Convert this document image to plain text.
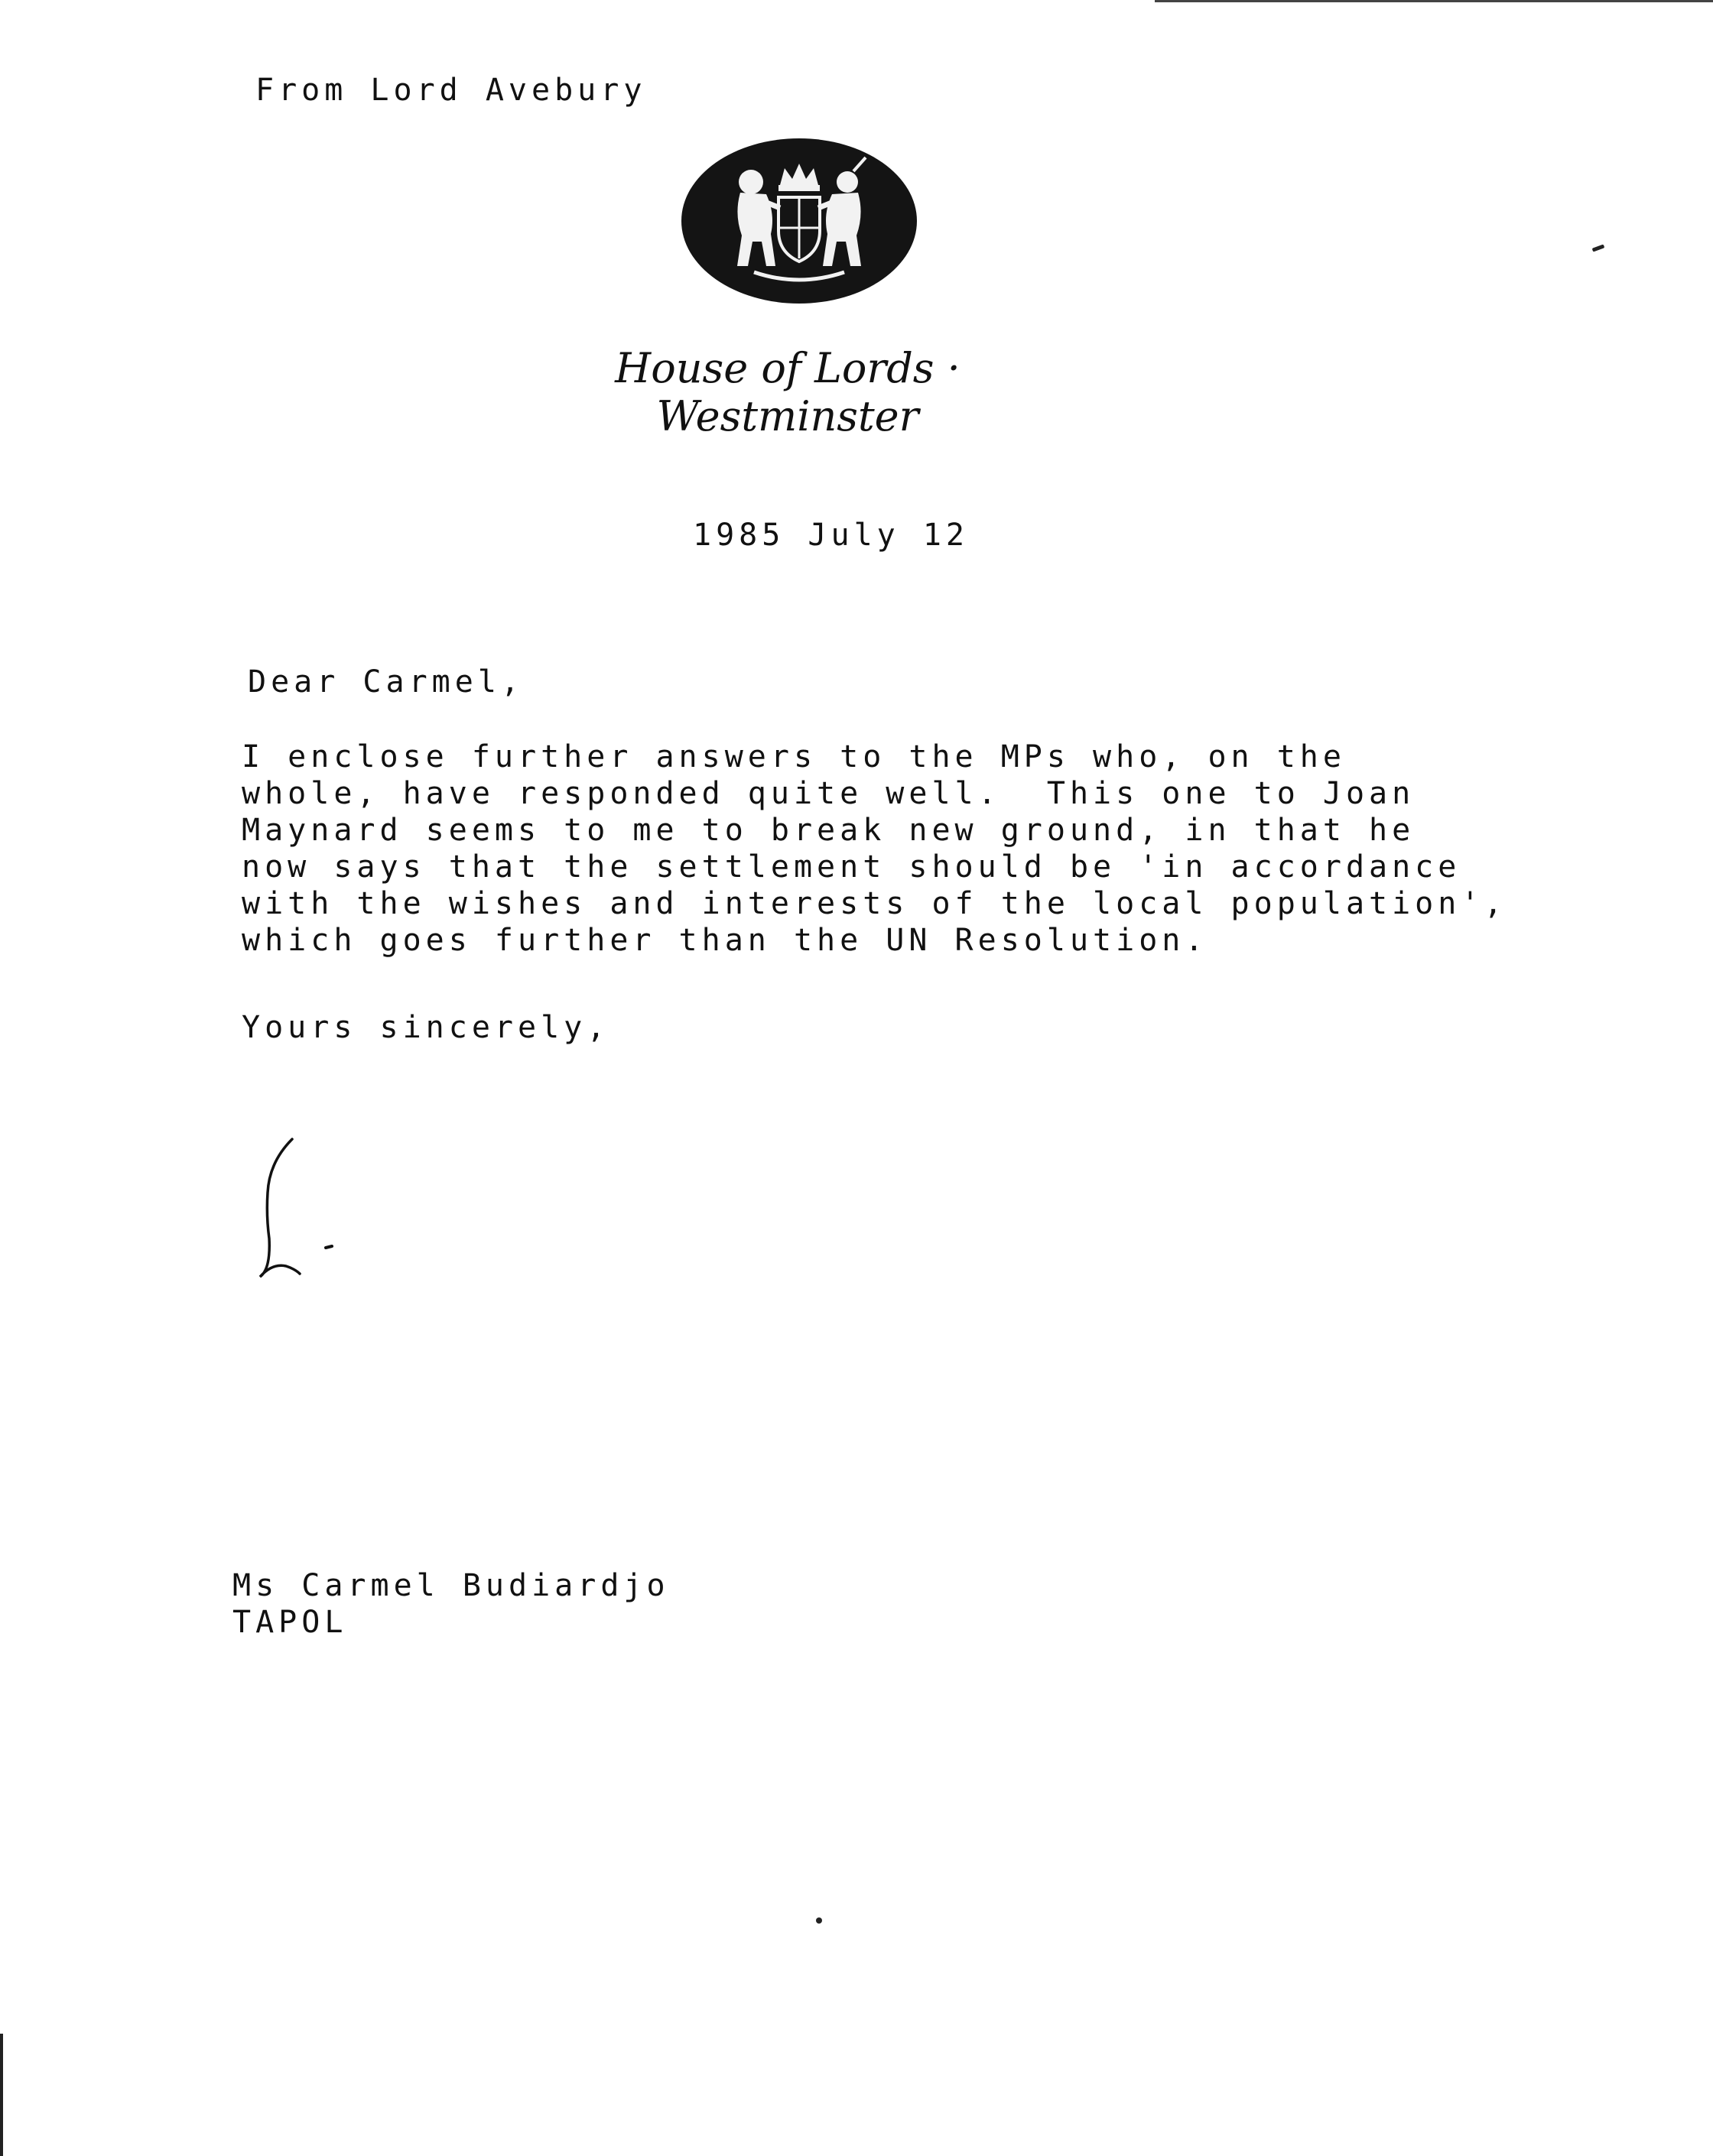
From Lord Avebury
House of Lords · Westminster
1985 July 12
Dear Carmel,
I enclose further answers to the MPs who, on the
whole, have responded quite well.  This one to Joan
Maynard seems to me to break new ground, in that he
now says that the settlement should be 'in accordance
with the wishes and interests of the local population',
which goes further than the UN Resolution.
Yours sincerely,
Ms Carmel Budiardjo
TAPOL
